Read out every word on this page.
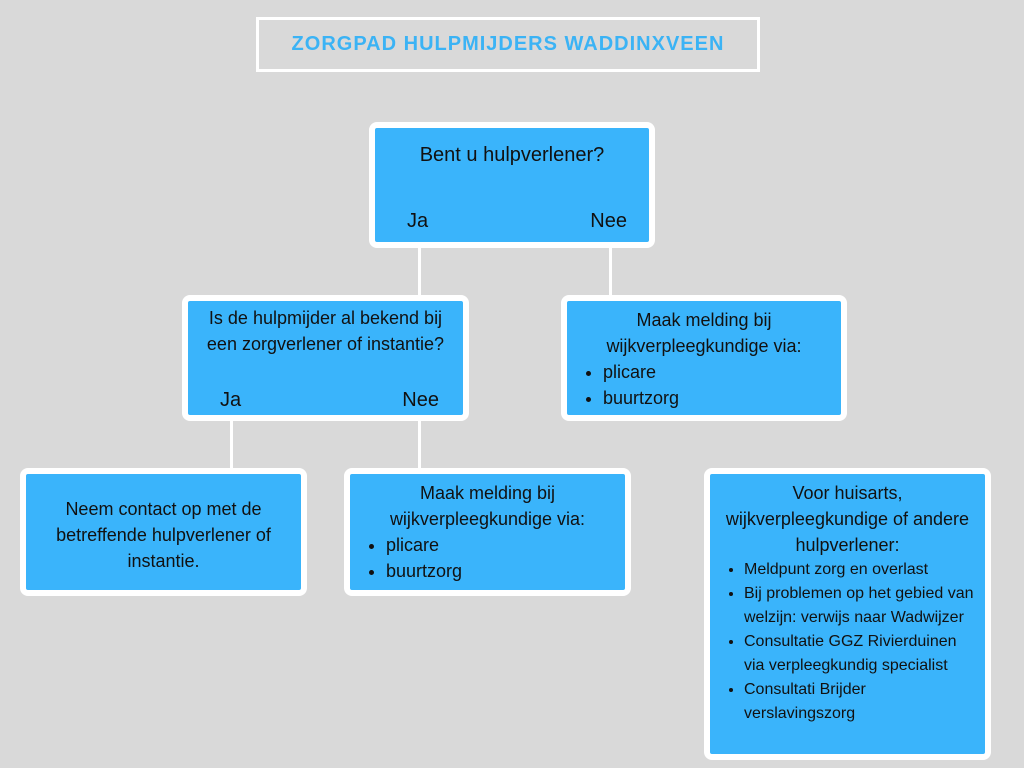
ZORGPAD HULPMIJDERS WADDINXVEEN
Bent u hulpverlener?
Ja	Nee
Is de hulpmijder al bekend bij een zorgverlener of instantie?
Ja	Nee
Maak melding bij wijkverpleegkundige via:
• plicare
• buurtzorg
Neem contact op met de betreffende hulpverlener of instantie.
Maak melding bij wijkverpleegkundige via:
• plicare
• buurtzorg
Voor huisarts, wijkverpleegkundige of andere hulpverlener:
• Meldpunt zorg en overlast
• Bij problemen op het gebied van welzijn: verwijs naar Wadwijzer
• Consultatie GGZ Rivierduinen via verpleegkundig specialist
• Consultati Brijder verslavingszorg
